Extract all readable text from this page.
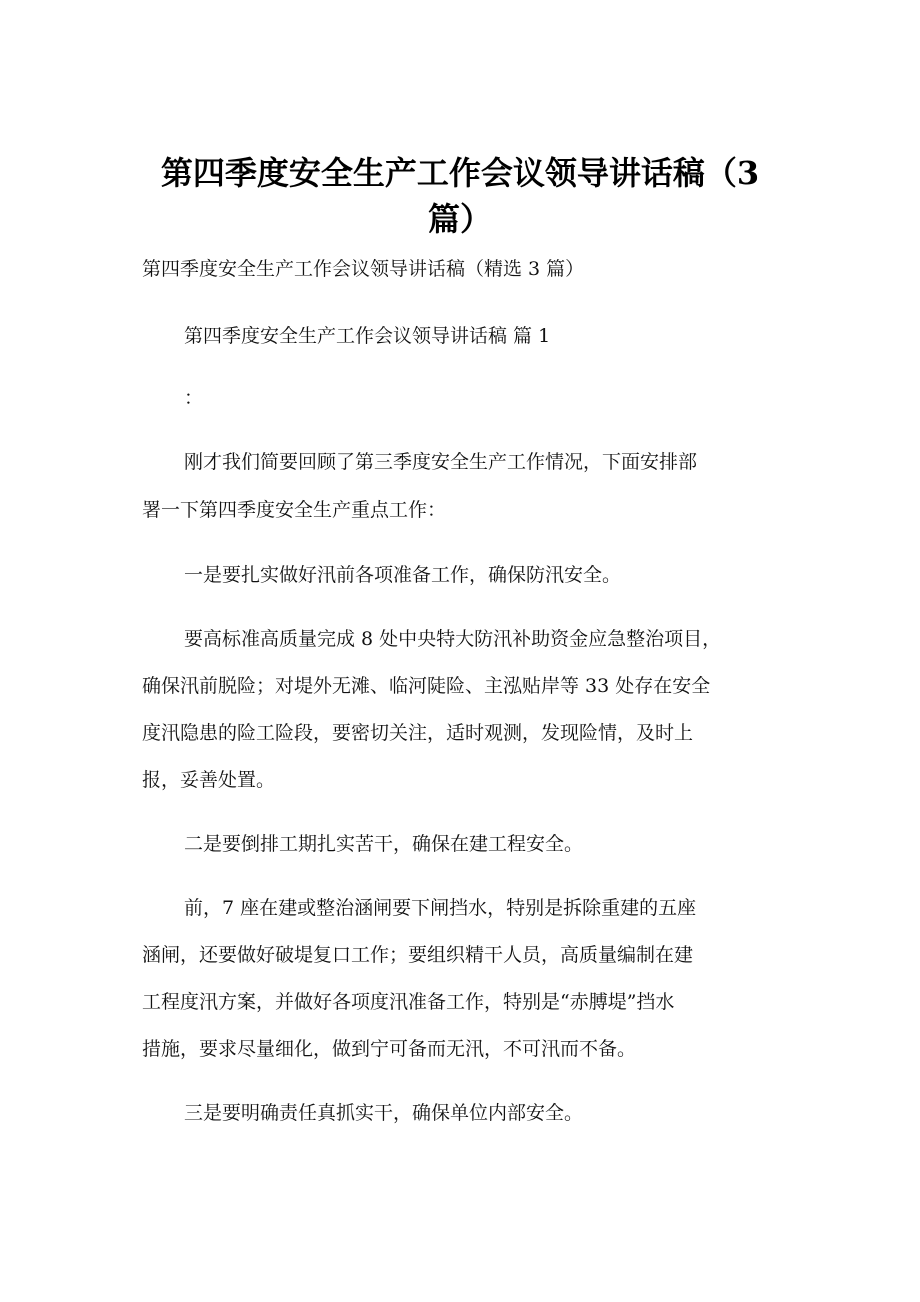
第四季度安全生产工作会议领导讲话稿（3
篇）

第四季度安全生产工作会议领导讲话稿（精选 3 篇）

第四季度安全生产工作会议领导讲话稿 篇 1

：

刚才我们简要回顾了第三季度安全生产工作情况，下面安排部

署一下第四季度安全生产重点工作：

一是要扎实做好汛前各项准备工作，确保防汛安全。

要高标准高质量完成 8 处中央特大防汛补助资金应急整治项目，

确保汛前脱险；对堤外无滩、临河陡险、主泓贴岸等 33 处存在安全

度汛隐患的险工险段，要密切关注，适时观测，发现险情，及时上

报，妥善处置。

二是要倒排工期扎实苦干，确保在建工程安全。

前，7 座在建或整治涵闸要下闸挡水，特别是拆除重建的五座

涵闸，还要做好破堤复口工作；要组织精干人员，高质量编制在建

工程度汛方案，并做好各项度汛准备工作，特别是“赤膊堤”挡水

措施，要求尽量细化，做到宁可备而无汛，不可汛而不备。

三是要明确责任真抓实干，确保单位内部安全。
